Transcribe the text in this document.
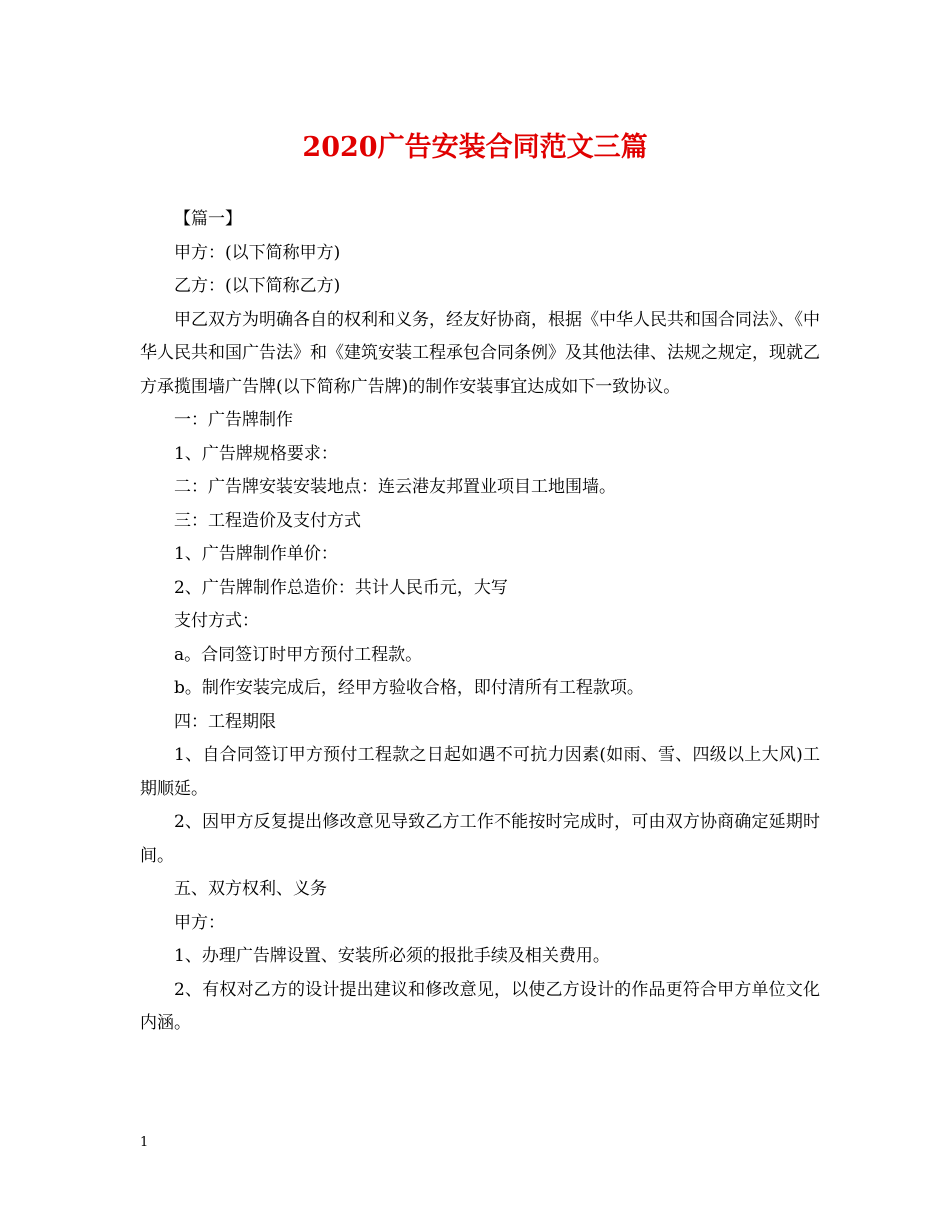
2020广告安装合同范文三篇

【篇一】

甲方：(以下简称甲方)

乙方：(以下简称乙方)

甲乙双方为明确各自的权利和义务，经友好协商，根据《中华人民共和国合同法》、《中华人民共和国广告法》和《建筑安装工程承包合同条例》及其他法律、法规之规定，现就乙方承揽围墙广告牌(以下简称广告牌)的制作安装事宜达成如下一致协议。

一：广告牌制作

1、广告牌规格要求：

二：广告牌安装安装地点：连云港友邦置业项目工地围墙。

三：工程造价及支付方式

1、广告牌制作单价：

2、广告牌制作总造价：共计人民币元，大写

支付方式：

a。合同签订时甲方预付工程款。

b。制作安装完成后，经甲方验收合格，即付清所有工程款项。

四：工程期限

1、自合同签订甲方预付工程款之日起如遇不可抗力因素(如雨、雪、四级以上大风)工期顺延。

2、因甲方反复提出修改意见导致乙方工作不能按时完成时，可由双方协商确定延期时间。

五、双方权利、义务

甲方：

1、办理广告牌设置、安装所必须的报批手续及相关费用。

2、有权对乙方的设计提出建议和修改意见，以使乙方设计的作品更符合甲方单位文化内涵。

1
